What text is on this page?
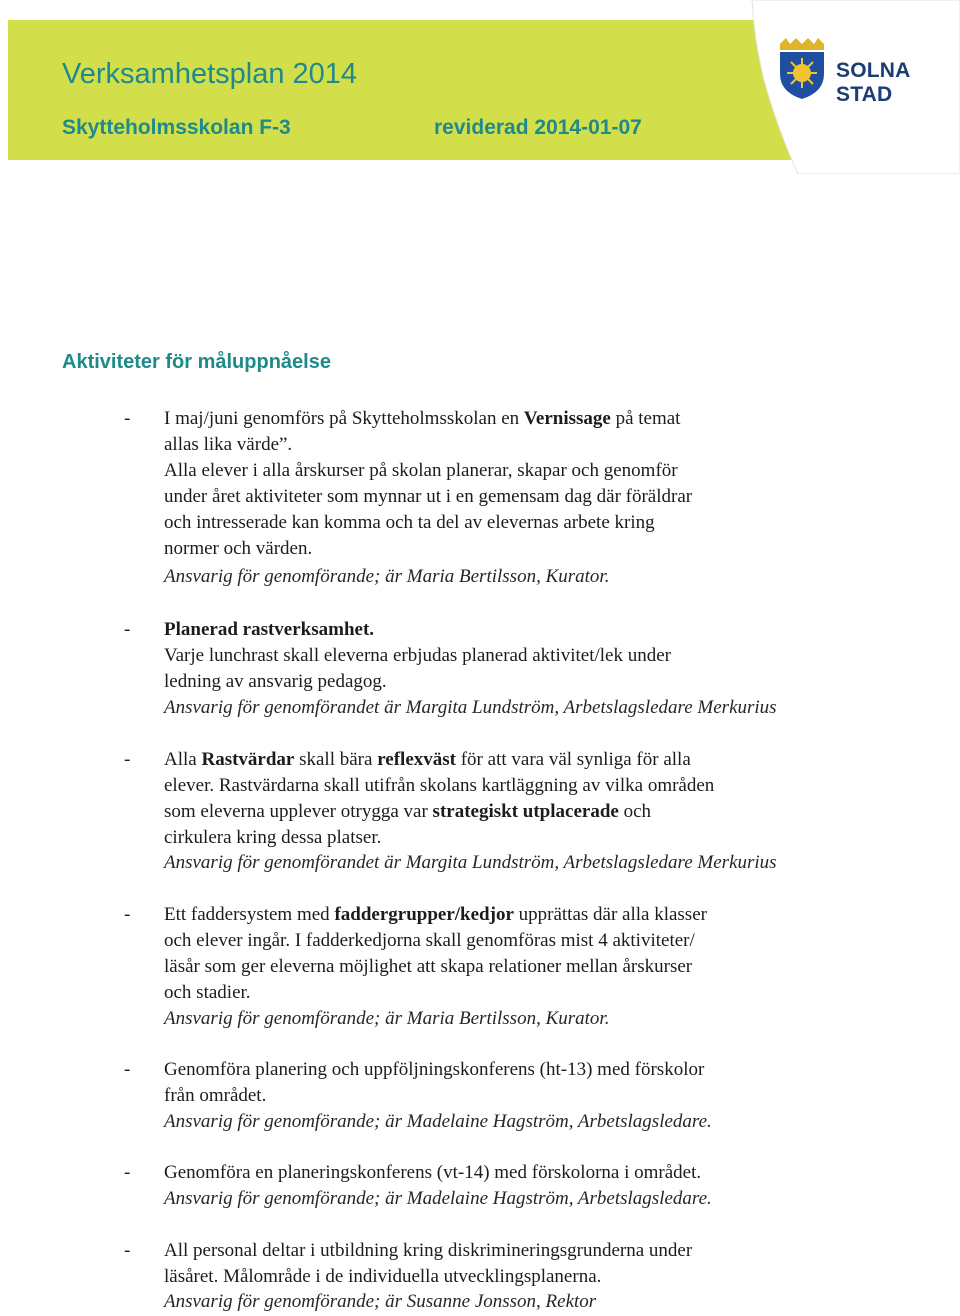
Verksamhetsplan 2014
Skytteholmsskolan F-3	reviderad 2014-01-07
SOLNA STAD
Aktiviteter för måluppnåelse
- I maj/juni genomförs på Skytteholmsskolan en Vernissage på temat
allas lika värde”.
Alla elever i alla årskurser på skolan planerar, skapar och genomför
under året aktiviteter som mynnar ut i en gemensam dag där föräldrar
och intresserade kan komma och ta del av elevernas arbete kring
normer och värden.
Ansvarig för genomförande; är Maria Bertilsson, Kurator.
- Planerad rastverksamhet.
Varje lunchrast skall eleverna erbjudas planerad aktivitet/lek under
ledning av ansvarig pedagog.
Ansvarig för genomförandet är Margita Lundström, Arbetslagsledare Merkurius
- Alla Rastvärdar skall bära reflexväst för att vara väl synliga för alla
elever. Rastvärdarna skall utifrån skolans kartläggning av vilka områden
som eleverna upplever otrygga var strategiskt utplacerade och
cirkulera kring dessa platser.
Ansvarig för genomförandet är Margita Lundström, Arbetslagsledare Merkurius
- Ett faddersystem med faddergrupper/kedjor upprättas där alla klasser
och elever ingår. I fadderkedjorna skall genomföras mist 4 aktiviteter/
läsår som ger eleverna möjlighet att skapa relationer mellan årskurser
och stadier.
Ansvarig för genomförande; är Maria Bertilsson, Kurator.
- Genomföra planering och uppföljningskonferens (ht-13) med förskolor
från området.
Ansvarig för genomförande; är Madelaine Hagström, Arbetslagsledare.
- Genomföra en planeringskonferens (vt-14) med förskolorna i området.
Ansvarig för genomförande; är Madelaine Hagström, Arbetslagsledare.
- All personal deltar i utbildning kring diskrimineringsgrunderna under
läsåret. Målområde i de individuella utvecklingsplanerna.
Ansvarig för genomförande; är Susanne Jonsson, Rektor
